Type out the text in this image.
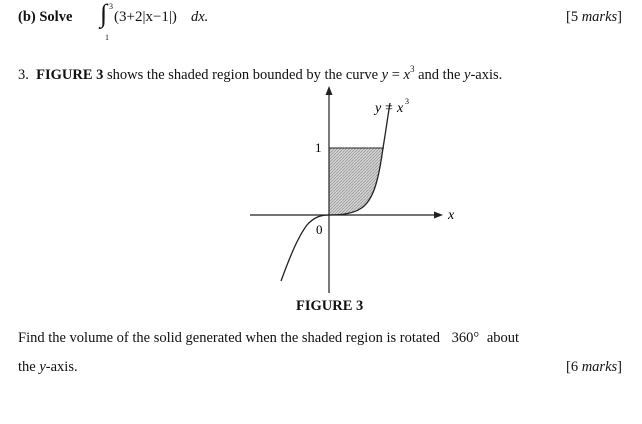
(b) Solve ∫ 3
1
(3+2|x−1|) dx.	[5 marks]
3. FIGURE 3 shows the shaded region bounded by the curve $y = x^3$ and the y-axis.
y = x 3
1
0
x
FIGURE 3
Find the volume of the solid generated when the shaded region is rotated 360° about
the y-axis.	[6 marks]
